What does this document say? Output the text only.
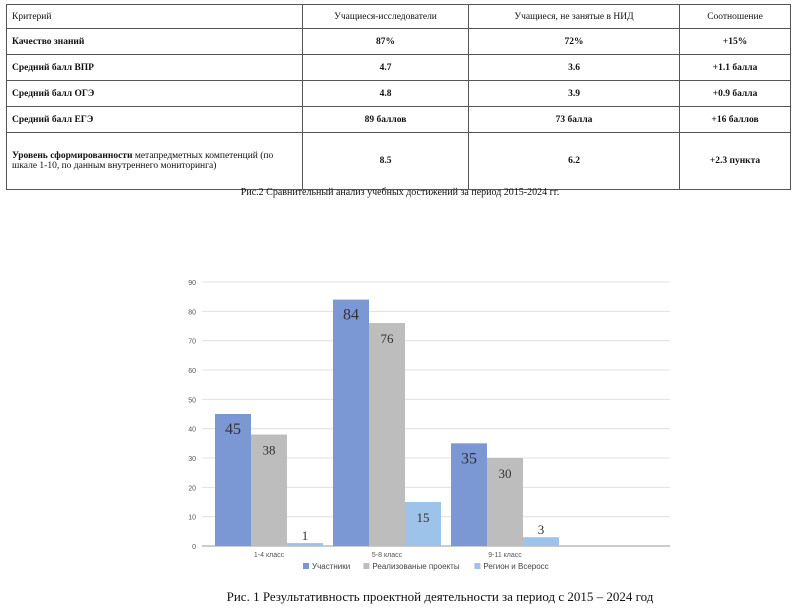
Критерий	Учащиеся-исследователи	Учащиеся, не занятые в НИД	Соотношение
Качество знаний	87%	72%	+15%
Средний балл ВПР	4.7	3.6	+1.1 балла
Средний балл ОГЭ	4.8	3.9	+0.9 балла
Средний балл ЕГЭ	89 баллов	73 балла	+16 баллов
Уровень сформированности метапредметных компетенций (по шкале 1-10, по данным внутреннего мониторинга)	8.5	6.2	+2.3 пункта
Рис.2 Сравнительный анализ учебных достижений за период 2015-2024 гг.
0
10
20
30
40
50
60
70
80
90
45
38
1
1-4 класс
84
76
15
5-8 класс
35
30
3
9-11 класс
Участники	Реализованые проекты	Регион и Всеросс
Рис. 1 Результативность проектной деятельности за период с 2015 – 2024 год
